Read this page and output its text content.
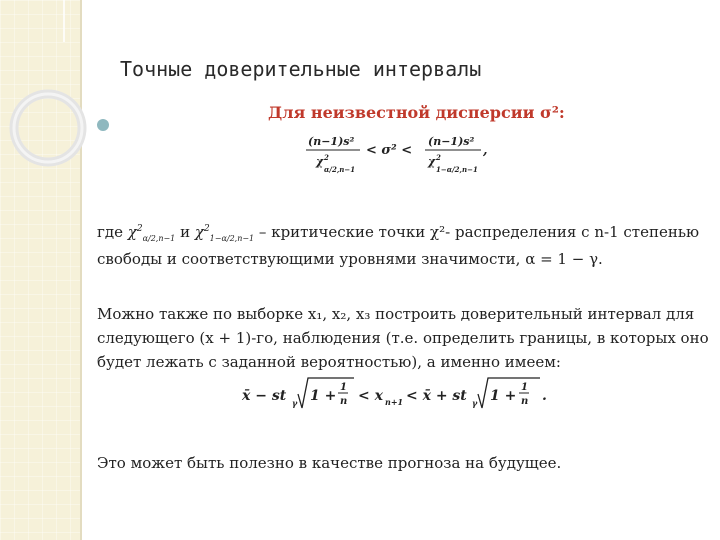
Точные доверительные интервалы
Для неизвестной дисперсии σ²:
(n−1)s²
χ 2
α/2,n−1
< σ² <
(n−1)s²
χ 2
1−α/2,n−1
,
где $\chi^2_{\alpha/2,n-1}$ и $\chi^2_{1-\alpha/2,n-1}$ – критические точки χ²- распределения с n-1 степенью
свободы и соответствующими уровнями значимости, α = 1 − γ.
Можно также по выборке x₁, x₂, x₃ построить доверительный интервал для
следующего (x + 1)-го, наблюдения (т.е. определить границы, в которых оно
будет лежать с заданной вероятностью), а именно имеем:
x̄ − st γ 1 +
1
n < x n+1 < x̄ + st γ 1 +
1
n .
Это может быть полезно в качестве прогноза на будущее.
